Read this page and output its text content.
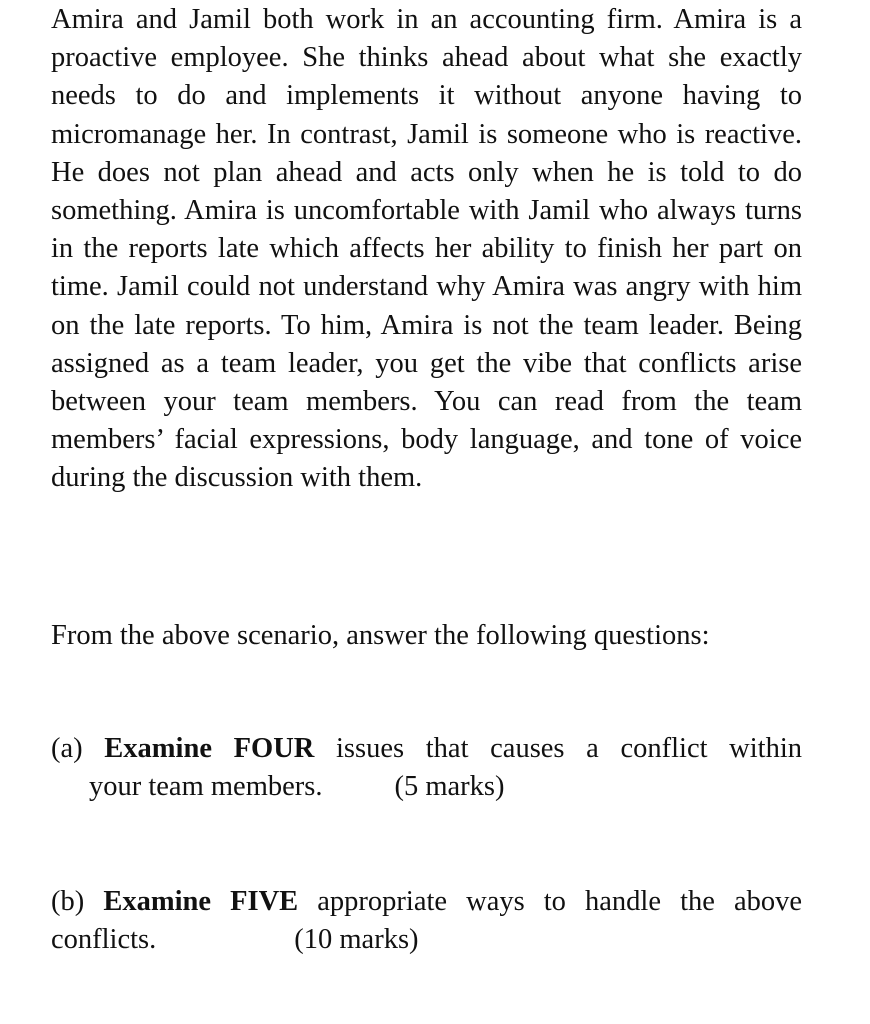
Amira and Jamil both work in an accounting firm. Amira is a proactive employee. She thinks ahead about what she exactly needs to do and implements it without anyone having to micromanage her. In contrast, Jamil is someone who is reactive. He does not plan ahead and acts only when he is told to do something. Amira is uncomfortable with Jamil who always turns in the reports late which affects her ability to finish her part on time. Jamil could not understand why Amira was angry with him on the late reports. To him, Amira is not the team leader. Being assigned as a team leader, you get the vibe that conflicts arise between your team members. You can read from the team members’ facial expressions, body language, and tone of voice during the discussion with them.

From the above scenario, answer the following questions:

(a) Examine FOUR issues that causes a conflict within
your team members.	(5 marks)
(b) Examine FIVE appropriate ways to handle the above
conflicts.	(10 marks)
